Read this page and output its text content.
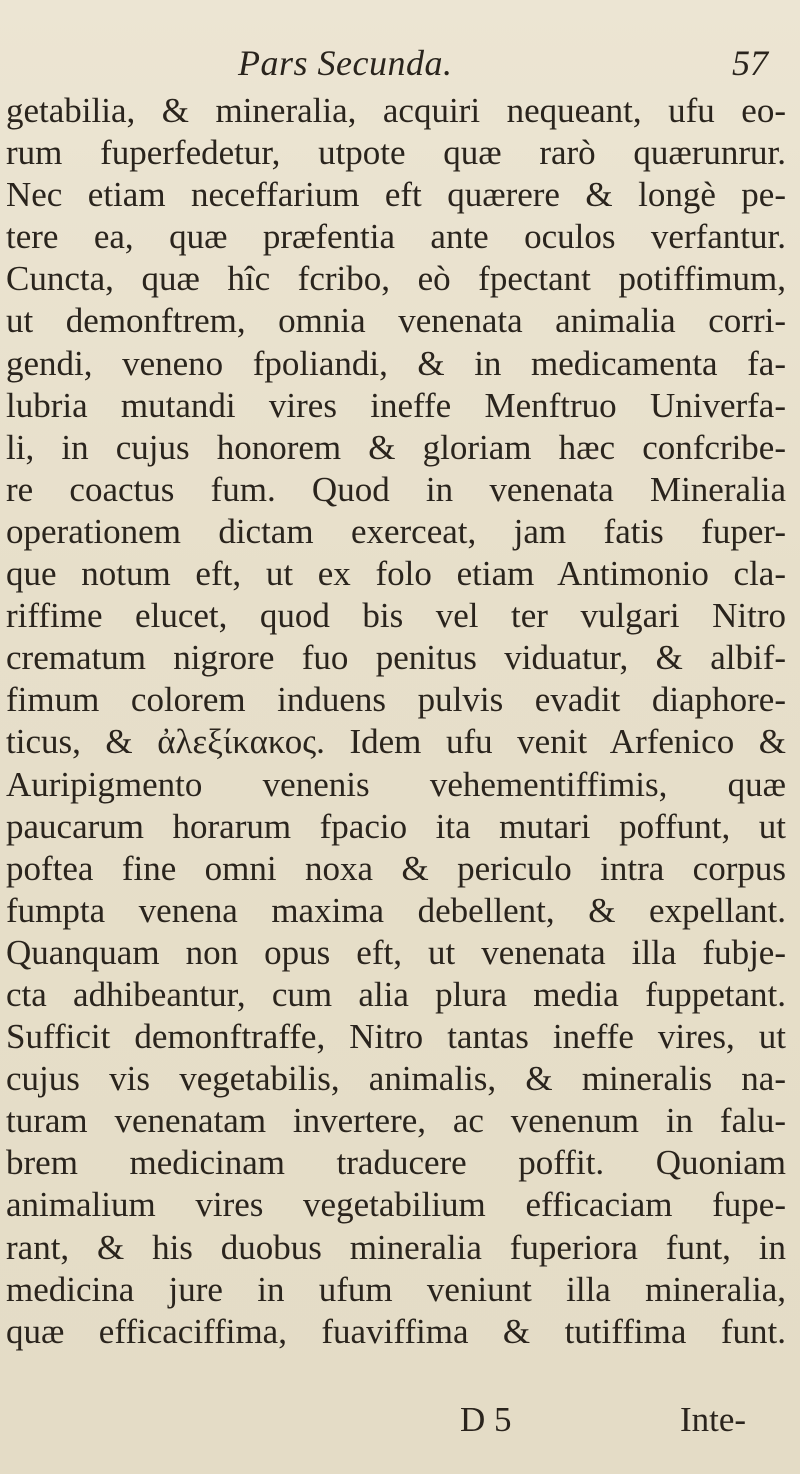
Pars Secunda.	57
getabilia, & mineralia, acquiri nequeant, ufu eo-
rum fuperfedetur, utpote quæ rarò quærunrur.
Nec etiam neceffarium eft quærere & longè pe-
tere ea, quæ præfentia ante oculos verfantur.
Cuncta, quæ hîc fcribo, eò fpectant potiffimum,
ut demonftrem, omnia venenata animalia corri-
gendi, veneno fpoliandi, & in medicamenta fa-
lubria mutandi vires ineffe Menftruo Univerfa-
li, in cujus honorem & gloriam hæc confcribe-
re coactus fum. Quod in venenata Mineralia
operationem dictam exerceat, jam fatis fuper-
que notum eft, ut ex folo etiam Antimonio cla-
riffime elucet, quod bis vel ter vulgari Nitro
crematum nigrore fuo penitus viduatur, & albif-
fimum colorem induens pulvis evadit diaphore-
ticus, & ἀλεξίκακος. Idem ufu venit Arfenico &
Auripigmento venenis vehementiffimis, quæ
paucarum horarum fpacio ita mutari poffunt, ut
poftea fine omni noxa & periculo intra corpus
fumpta venena maxima debellent, & expellant.
Quanquam non opus eft, ut venenata illa fubje-
cta adhibeantur, cum alia plura media fuppetant.
Sufficit demonftraffe, Nitro tantas ineffe vires, ut
cujus vis vegetabilis, animalis, & mineralis na-
turam venenatam invertere, ac venenum in falu-
brem medicinam traducere poffit. Quoniam
animalium vires vegetabilium efficaciam fupe-
rant, & his duobus mineralia fuperiora funt, in
medicina jure in ufum veniunt illa mineralia,
quæ efficaciffima, fuaviffima & tutiffima funt.
D 5	Inte-
